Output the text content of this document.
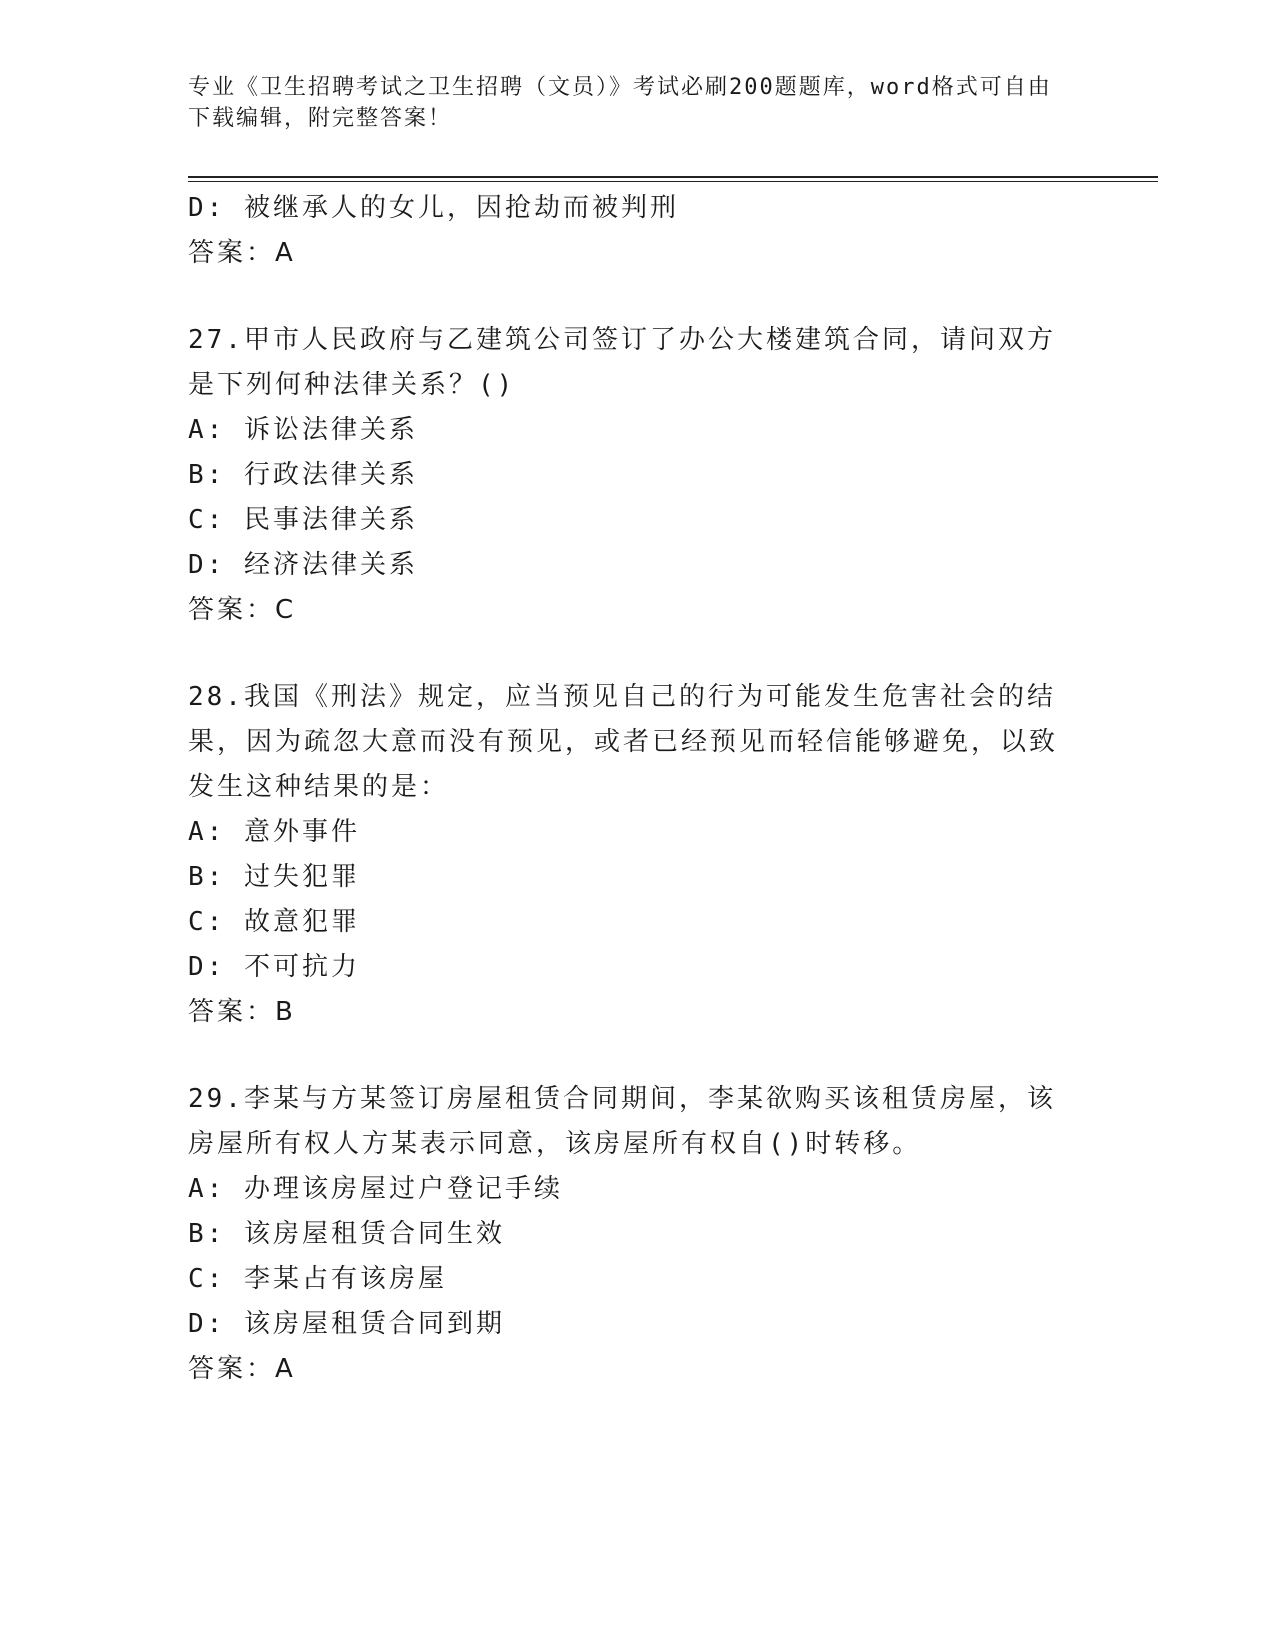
专业《卫生招聘考试之卫生招聘（文员）》考试必刷200题题库，word格式可自由下载编辑，附完整答案！
D: 被继承人的女儿，因抢劫而被判刑
答案：A
27.甲市人民政府与乙建筑公司签订了办公大楼建筑合同，请问双方是下列何种法律关系？()
A: 诉讼法律关系
B: 行政法律关系
C: 民事法律关系
D: 经济法律关系
答案：C
28.我国《刑法》规定，应当预见自己的行为可能发生危害社会的结果，因为疏忽大意而没有预见，或者已经预见而轻信能够避免，以致发生这种结果的是：
A: 意外事件
B: 过失犯罪
C: 故意犯罪
D: 不可抗力
答案：B
29.李某与方某签订房屋租赁合同期间，李某欲购买该租赁房屋，该房屋所有权人方某表示同意，该房屋所有权自()时转移。
A: 办理该房屋过户登记手续
B: 该房屋租赁合同生效
C: 李某占有该房屋
D: 该房屋租赁合同到期
答案：A
